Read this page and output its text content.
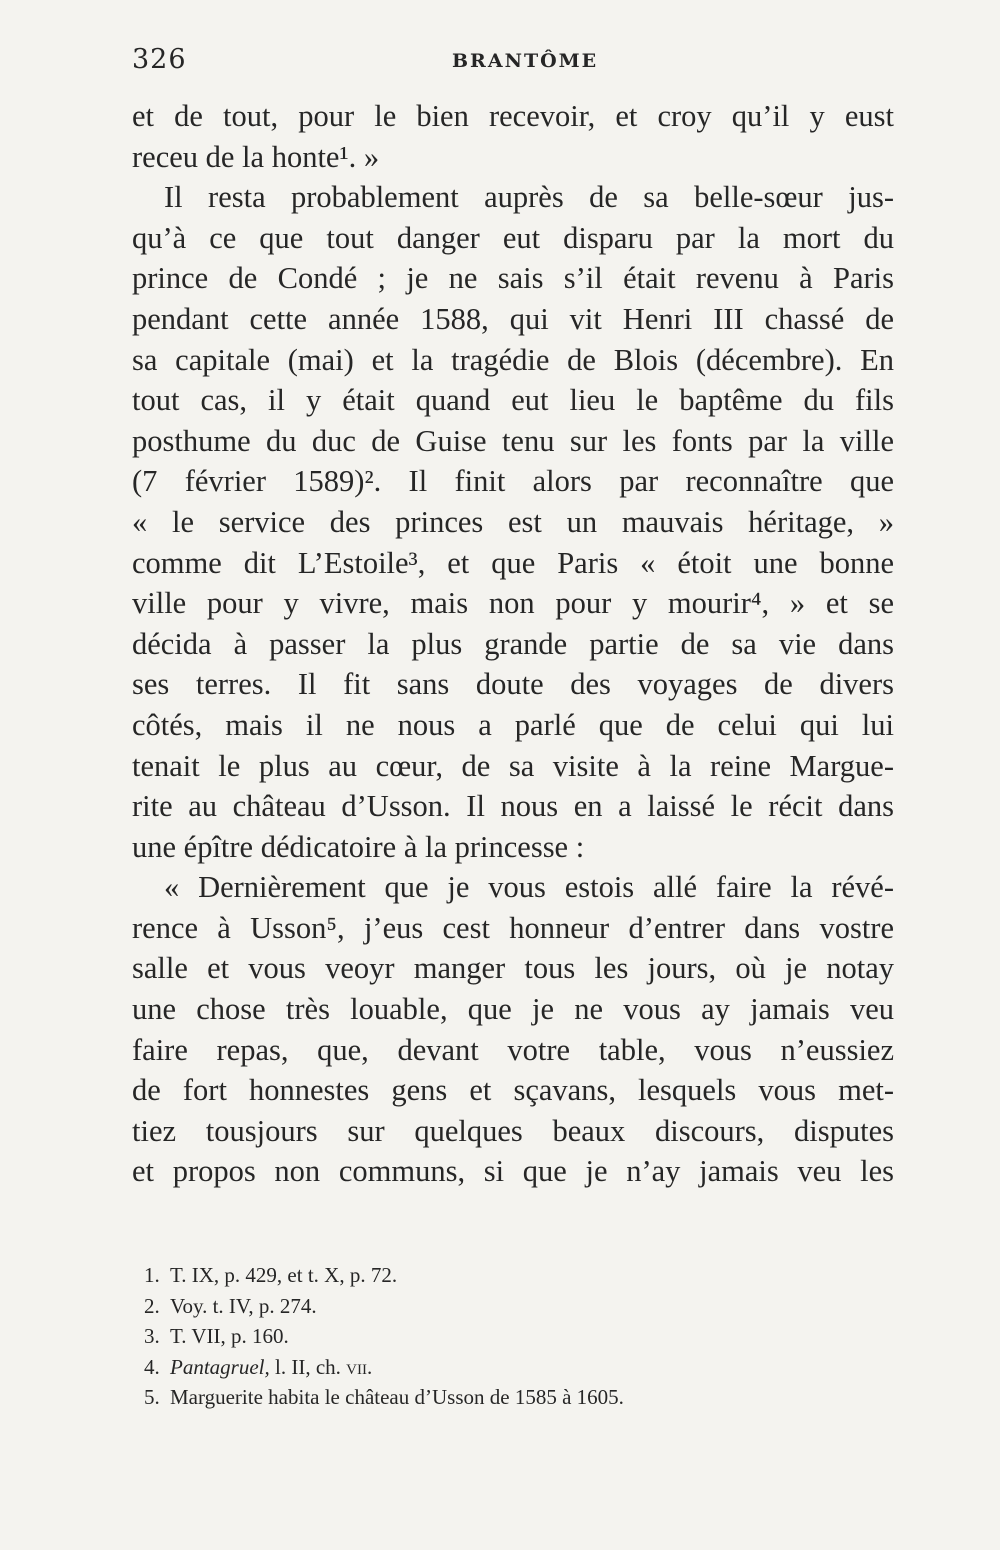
326	BRANTÔME
et de tout, pour le bien recevoir, et croy qu’il y eust
receu de la honte¹. »
Il resta probablement auprès de sa belle-sœur jus-
qu’à ce que tout danger eut disparu par la mort du
prince de Condé ; je ne sais s’il était revenu à Paris
pendant cette année 1588, qui vit Henri III chassé de
sa capitale (mai) et la tragédie de Blois (décembre). En
tout cas, il y était quand eut lieu le baptême du fils
posthume du duc de Guise tenu sur les fonts par la ville
(7 février 1589)². Il finit alors par reconnaître que
« le service des princes est un mauvais héritage, »
comme dit L’Estoile³, et que Paris « étoit une bonne
ville pour y vivre, mais non pour y mourir⁴, » et se
décida à passer la plus grande partie de sa vie dans
ses terres. Il fit sans doute des voyages de divers
côtés, mais il ne nous a parlé que de celui qui lui
tenait le plus au cœur, de sa visite à la reine Margue-
rite au château d’Usson. Il nous en a laissé le récit dans
une épître dédicatoire à la princesse :
« Dernièrement que je vous estois allé faire la révé-
rence à Usson⁵, j’eus cest honneur d’entrer dans vostre
salle et vous veoyr manger tous les jours, où je notay
une chose très louable, que je ne vous ay jamais veu
faire repas, que, devant votre table, vous n’eussiez
de fort honnestes gens et sçavans, lesquels vous met-
tiez tousjours sur quelques beaux discours, disputes
et propos non communs, si que je n’ay jamais veu les
1. T. IX, p. 429, et t. X, p. 72.
2. Voy. t. IV, p. 274.
3. T. VII, p. 160.
4. Pantagruel, l. II, ch. vii.
5. Marguerite habita le château d’Usson de 1585 à 1605.
